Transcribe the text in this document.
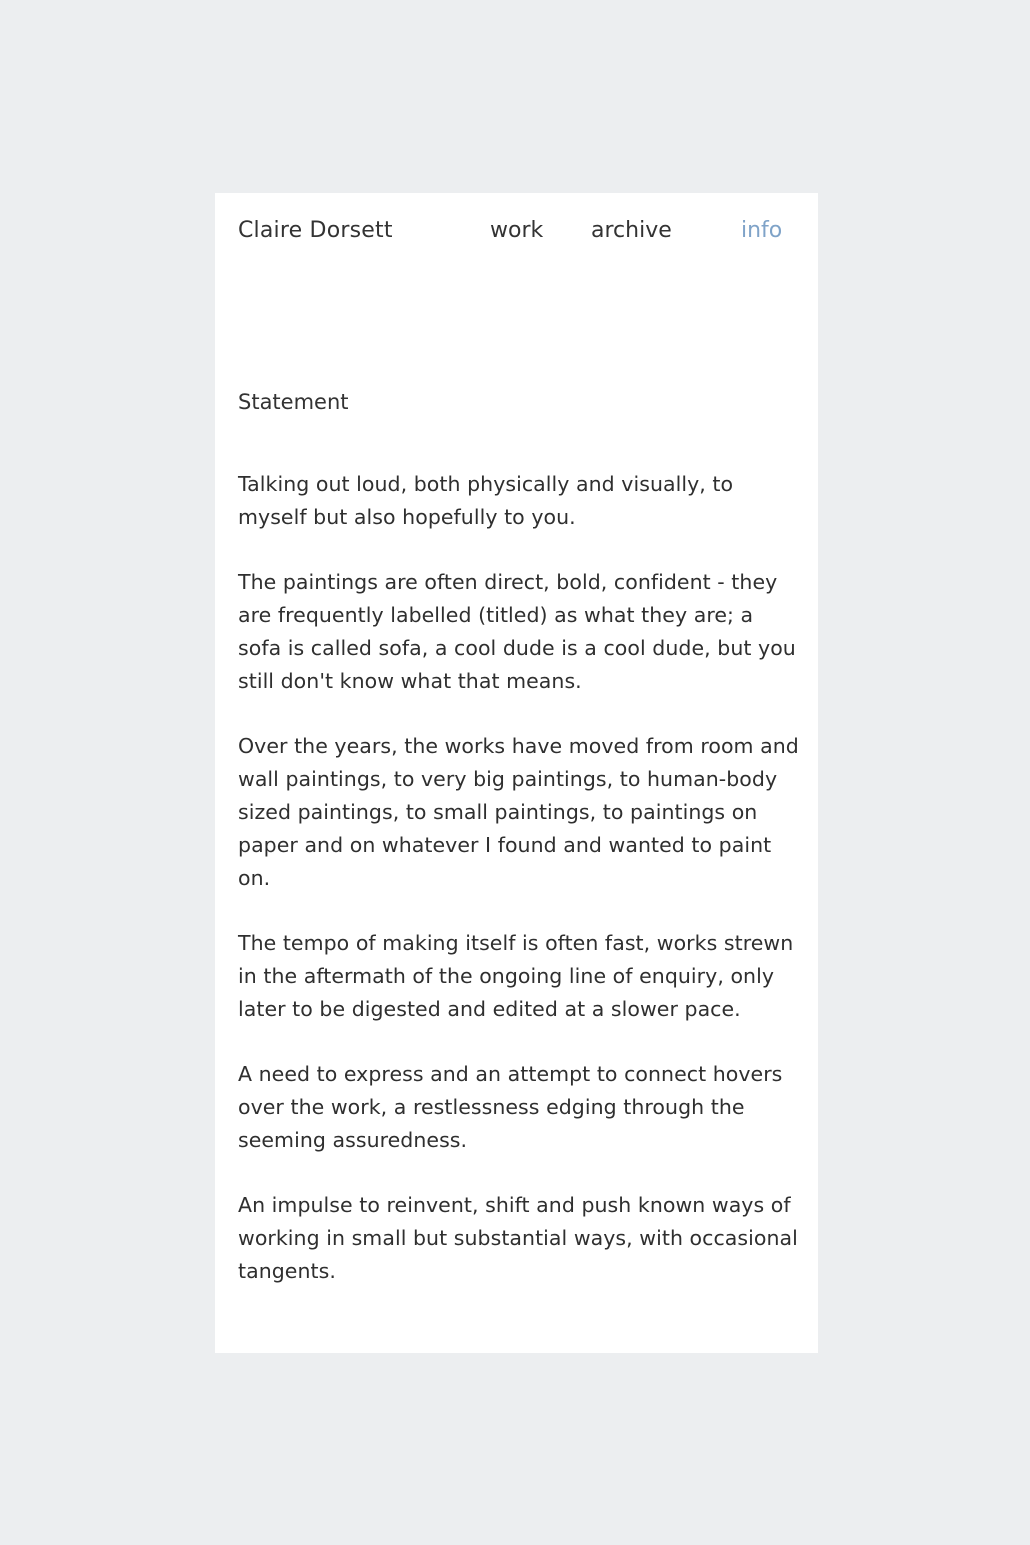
Claire Dorsett	work archive	info
Statement

Talking out loud, both physically and visually, to myself but also hopefully to you.

The paintings are often direct, bold, confident - they are frequently labelled (titled) as what they are; a sofa is called sofa, a cool dude is a cool dude, but you still don't know what that means.

Over the years, the works have moved from room and wall paintings, to very big paintings, to human-body sized paintings, to small paintings, to paintings on paper and on whatever I found and wanted to paint on.

The tempo of making itself is often fast, works strewn in the aftermath of the ongoing line of enquiry, only later to be digested and edited at a slower pace.

A need to express and an attempt to connect hovers over the work, a restlessness edging through the seeming assuredness.

An impulse to reinvent, shift and push known ways of working in small but substantial ways, with occasional tangents.
